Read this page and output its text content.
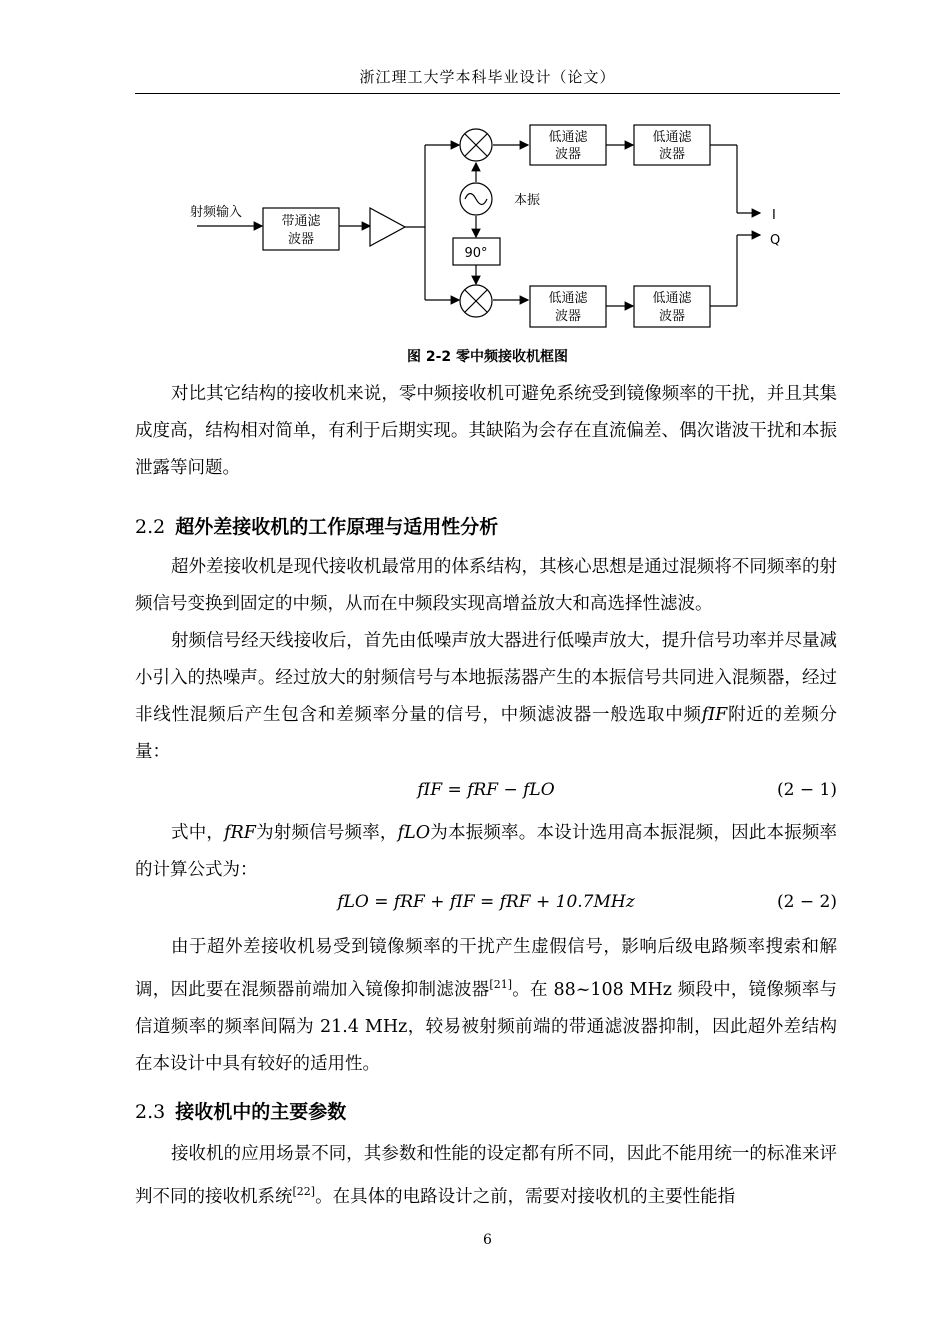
浙江理工大学本科毕业设计（论文）
带通滤
波器
本振
90°
低通滤
波器
低通滤
波器
低通滤
波器
低通滤
波器
射频输入	I
Q
图 2-2 零中频接收机框图

对比其它结构的接收机来说，零中频接收机可避免系统受到镜像频率的干扰，并且其集成度高，结构相对简单，有利于后期实现。其缺陷为会存在直流偏差、偶次谐波干扰和本振泄露等问题。

2.2 超外差接收机的工作原理与适用性分析

超外差接收机是现代接收机最常用的体系结构，其核心思想是通过混频将不同频率的射频信号变换到固定的中频，从而在中频段实现高增益放大和高选择性滤波。

射频信号经天线接收后，首先由低噪声放大器进行低噪声放大，提升信号功率并尽量减小引入的热噪声。经过放大的射频信号与本地振荡器产生的本振信号共同进入混频器，经过非线性混频后产生包含和差频率分量的信号，中频滤波器一般选取中频fIF附近的差频分量：

fIF = fRF − fLO	(2 − 1)

式中，fRF为射频信号频率，fLO为本振频率。本设计选用高本振混频，因此本振频率的计算公式为：

fLO = fRF + fIF = fRF + 10.7MHz	(2 − 2)

由于超外差接收机易受到镜像频率的干扰产生虚假信号，影响后级电路频率搜索和解调，因此要在混频器前端加入镜像抑制滤波器[21]。在 88~108 MHz 频段中，镜像频率与信道频率的频率间隔为 21.4 MHz，较易被射频前端的带通滤波器抑制，因此超外差结构在本设计中具有较好的适用性。

2.3 接收机中的主要参数

接收机的应用场景不同，其参数和性能的设定都有所不同，因此不能用统一的标准来评判不同的接收机系统[22]。在具体的电路设计之前，需要对接收机的主要性能指

6
